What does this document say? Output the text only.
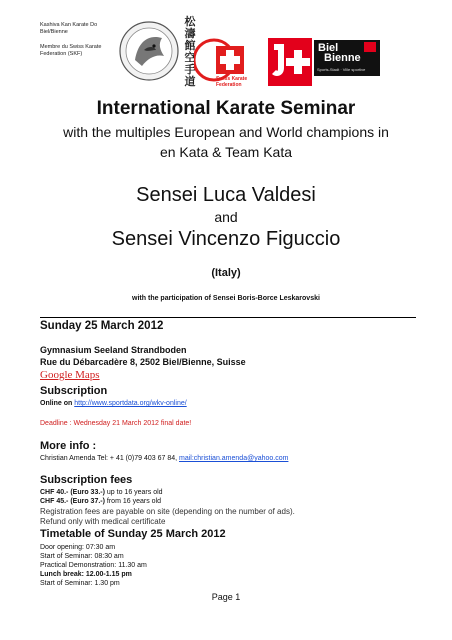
Kashiva Kan Karate Do Biel/Bienne
Membre du Swiss Karate Federation (SKF)
松濤館空手道	Swiss Karate Federation
Biel
Bienne
Sports-Stadt · Ville sportive
International Karate Seminar
with the multiples European and World champions in
en Kata & Team Kata
Sensei Luca Valdesi
and
Sensei Vincenzo Figuccio
(Italy)
with the participation of Sensei Boris-Borce Leskarovski
Sunday 25 March 2012
Gymnasium Seeland Strandboden
Rue du Débarcadère 8, 2502 Biel/Bienne, Suisse
Google Maps
Subscription
Online on http://www.sportdata.org/wkv-online/
Deadline : Wednesday 21 March 2012 final date!
More info :
Christian Amenda Tel: + 41 (0)79 403 67 84, mail:christian.amenda@yahoo.com
Subscription fees
CHF 40.- (Euro 33.-) up to 16 years old
CHF 45.- (Euro 37.-) from 16 years old
Registration fees are payable on site (depending on the number of ads).
Refund only with medical certificate
Timetable of Sunday 25 March 2012
Door opening: 07:30 am
Start of Seminar: 08:30 am
Practical Demonstration: 11.30 am
Lunch break: 12.00-1.15 pm
Start of Seminar: 1.30 pm
Page 1
